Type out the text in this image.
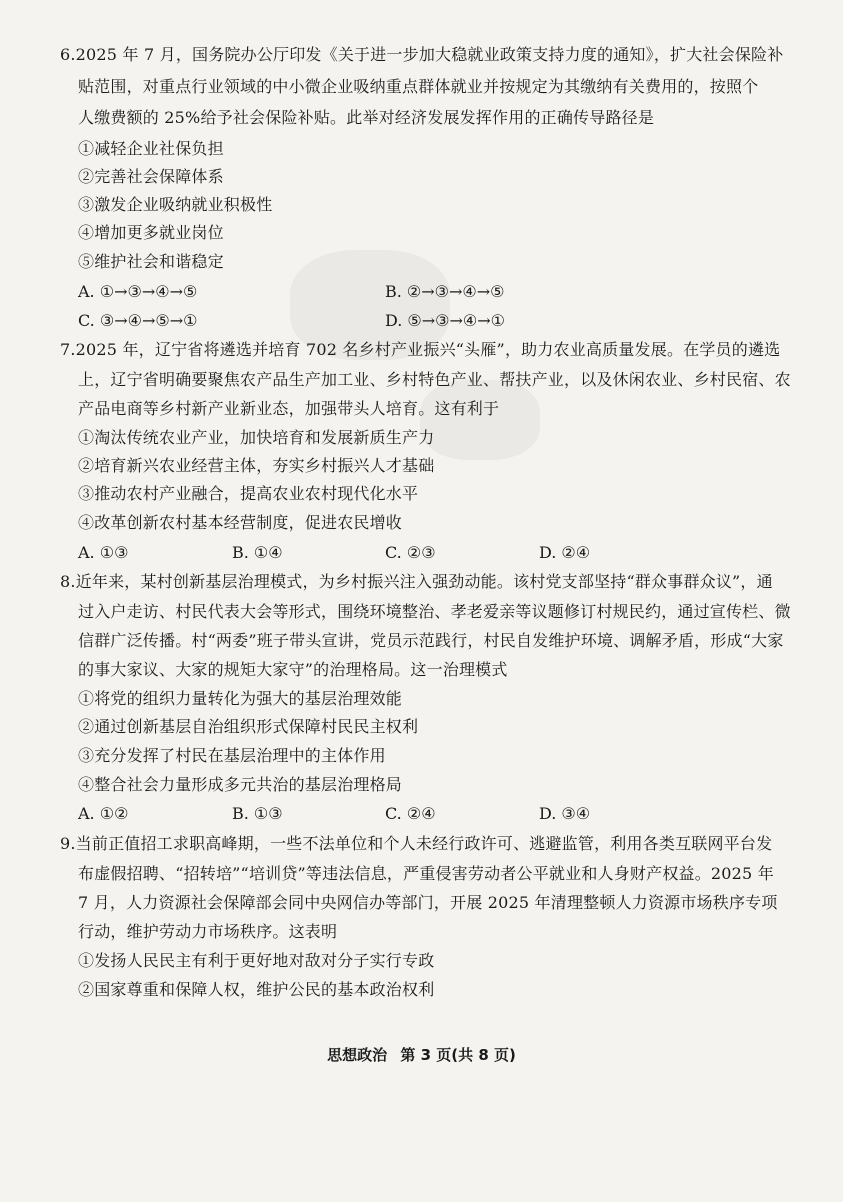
6.2025 年 7 月，国务院办公厅印发《关于进一步加大稳就业政策支持力度的通知》，扩大社会保险补
贴范围，对重点行业领域的中小微企业吸纳重点群体就业并按规定为其缴纳有关费用的，按照个
人缴费额的 25%给予社会保险补贴。此举对经济发展发挥作用的正确传导路径是
①减轻企业社保负担
②完善社会保障体系
③激发企业吸纳就业积极性
④增加更多就业岗位
⑤维护社会和谐稳定
A. ①→③→④→⑤	B. ②→③→④→⑤
C. ③→④→⑤→①	D. ⑤→③→④→①
7.2025 年，辽宁省将遴选并培育 702 名乡村产业振兴“头雁”，助力农业高质量发展。在学员的遴选
上，辽宁省明确要聚焦农产品生产加工业、乡村特色产业、帮扶产业，以及休闲农业、乡村民宿、农
产品电商等乡村新产业新业态，加强带头人培育。这有利于
①淘汰传统农业产业，加快培育和发展新质生产力
②培育新兴农业经营主体，夯实乡村振兴人才基础
③推动农村产业融合，提高农业农村现代化水平
④改革创新农村基本经营制度，促进农民增收
A. ①③	B. ①④	C. ②③	D. ②④
8.近年来，某村创新基层治理模式，为乡村振兴注入强劲动能。该村党支部坚持“群众事群众议”，通
过入户走访、村民代表大会等形式，围绕环境整治、孝老爱亲等议题修订村规民约，通过宣传栏、微
信群广泛传播。村“两委”班子带头宣讲，党员示范践行，村民自发维护环境、调解矛盾，形成“大家
的事大家议、大家的规矩大家守”的治理格局。这一治理模式
①将党的组织力量转化为强大的基层治理效能
②通过创新基层自治组织形式保障村民民主权利
③充分发挥了村民在基层治理中的主体作用
④整合社会力量形成多元共治的基层治理格局
A. ①②	B. ①③	C. ②④	D. ③④
9.当前正值招工求职高峰期，一些不法单位和个人未经行政许可、逃避监管，利用各类互联网平台发
布虚假招聘、“招转培”“培训贷”等违法信息，严重侵害劳动者公平就业和人身财产权益。2025 年
7 月，人力资源社会保障部会同中央网信办等部门，开展 2025 年清理整顿人力资源市场秩序专项
行动，维护劳动力市场秩序。这表明
①发扬人民民主有利于更好地对敌对分子实行专政
②国家尊重和保障人权，维护公民的基本政治权利
思想政治 第 3 页(共 8 页)
